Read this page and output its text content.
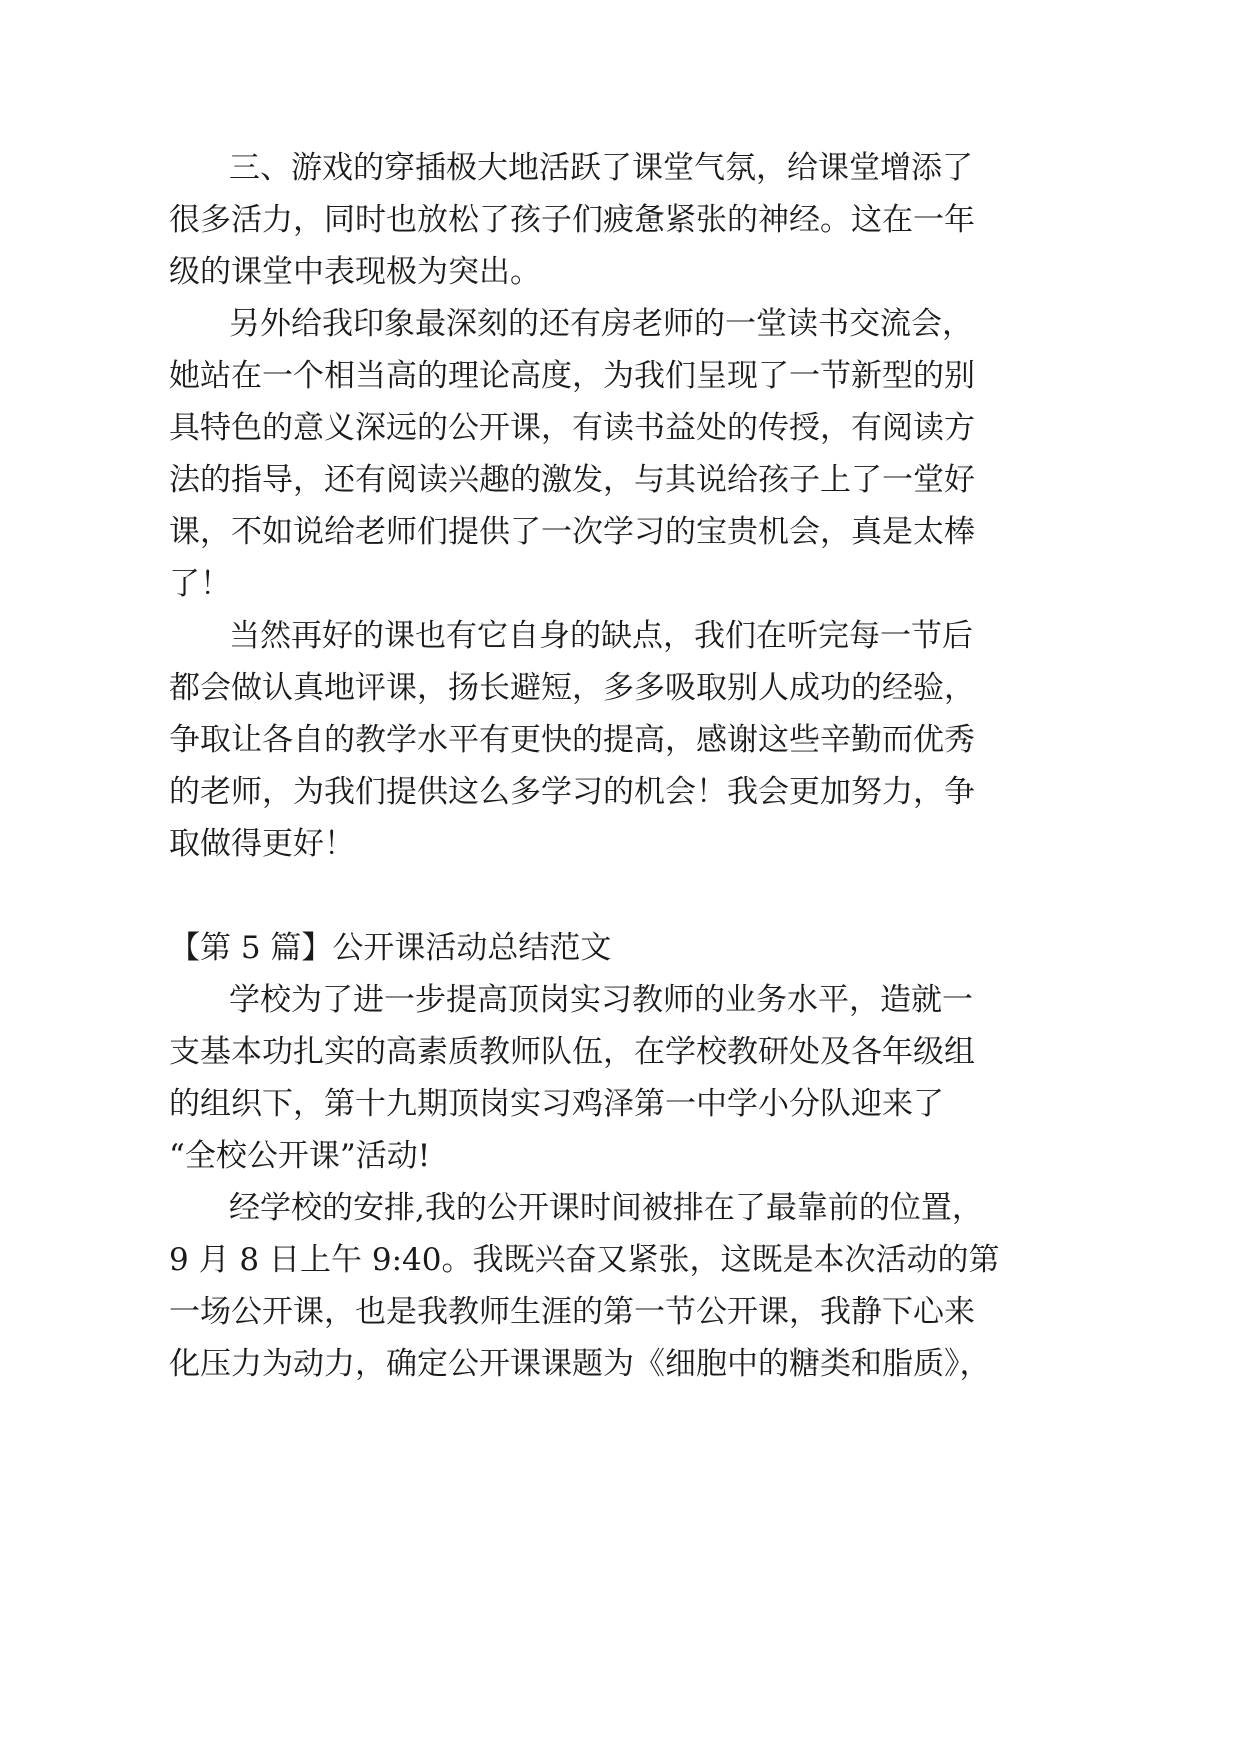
三、游戏的穿插极大地活跃了课堂气氛，给课堂增添了
很多活力，同时也放松了孩子们疲惫紧张的神经。这在一年
级的课堂中表现极为突出。
另外给我印象最深刻的还有房老师的一堂读书交流会，
她站在一个相当高的理论高度，为我们呈现了一节新型的别
具特色的意义深远的公开课，有读书益处的传授，有阅读方
法的指导，还有阅读兴趣的激发，与其说给孩子上了一堂好
课，不如说给老师们提供了一次学习的宝贵机会，真是太棒
了！
当然再好的课也有它自身的缺点，我们在听完每一节后
都会做认真地评课，扬长避短，多多吸取别人成功的经验，
争取让各自的教学水平有更快的提高，感谢这些辛勤而优秀
的老师，为我们提供这么多学习的机会！我会更加努力，争
取做得更好！
【第 5 篇】公开课活动总结范文
学校为了进一步提高顶岗实习教师的业务水平，造就一
支基本功扎实的高素质教师队伍，在学校教研处及各年级组
的组织下，第十九期顶岗实习鸡泽第一中学小分队迎来了
“全校公开课”活动!
经学校的安排,我的公开课时间被排在了最靠前的位置，
9 月 8 日上午 9:40。我既兴奋又紧张，这既是本次活动的第
一场公开课，也是我教师生涯的第一节公开课，我静下心来
化压力为动力，确定公开课课题为《细胞中的糖类和脂质》，
